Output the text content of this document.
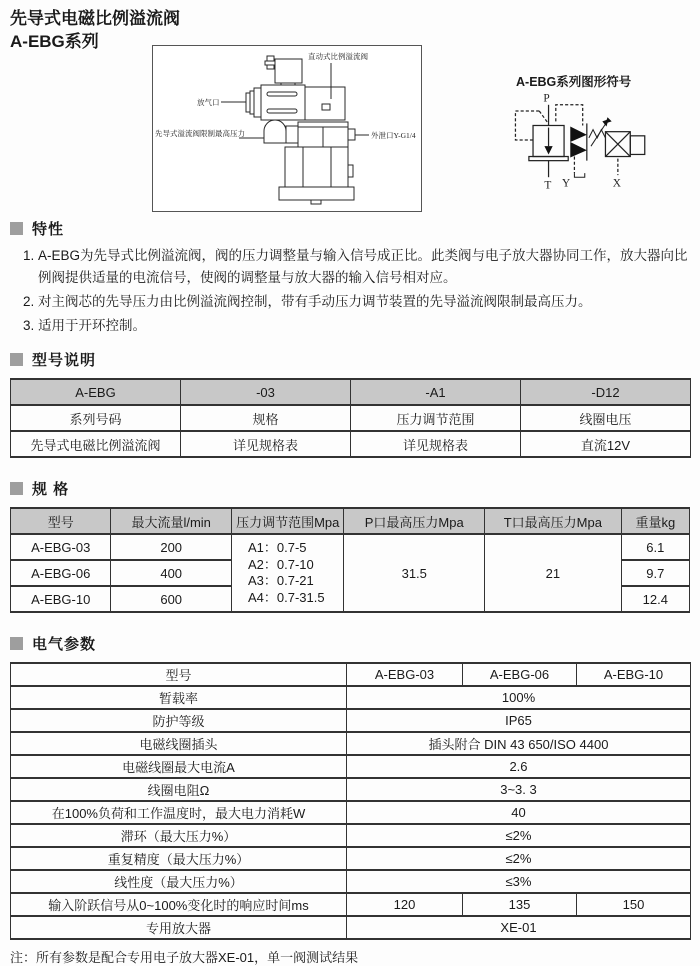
先导式电磁比例溢流阀
A-EBG系列
直动式比例溢流阀
放气口
先导式溢流阀限制最高压力	外泄口Y-G1/4
A-EBG系列图形符号
P
T Y	X
特性
1. A-EBG为先导式比例溢流阀，阀的压力调整量与输入信号成正比。此类阀与电子放大器协同工作，放大器向比例阀提供适量的电流信号，使阀的调整量与放大器的输入信号相对应。
2. 对主阀芯的先导压力由比例溢流阀控制，带有手动压力调节装置的先导溢流阀限制最高压力。
3. 适用于开环控制。
型号说明
A-EBG	-03	-A1	-D12
系列号码	规格	压力调节范围	线圈电压
先导式电磁比例溢流阀	详见规格表	详见规格表	直流12V
规 格
型号	最大流量l/min	压力调节范围Mpa	P口最高压力Mpa	T口最高压力Mpa	重量kg
A-EBG-03	200	A1：0.7-5
A2：0.7-10
A3：0.7-21
A4：0.7-31.5	31.5	21	6.1
A-EBG-06	400				9.7
A-EBG-10	600				12.4
电气参数
型号	A-EBG-03	A-EBG-06	A-EBG-10
暂载率	100%		
防护等级	IP65		
电磁线圈插头	插头附合 DIN 43 650/ISO 4400		
电磁线圈最大电流A	2.6		
线圈电阻Ω	3~3. 3		
在100%负荷和工作温度时，最大电力消耗W	40		
滞环（最大压力%）	≤2%		
重复精度（最大压力%）	≤2%		
线性度（最大压力%）	≤3%		
输入阶跃信号从0~100%变化时的响应时间ms	120	135	150
专用放大器	XE-01		
注：所有参数是配合专用电子放大器XE-01，单一阀测试结果
